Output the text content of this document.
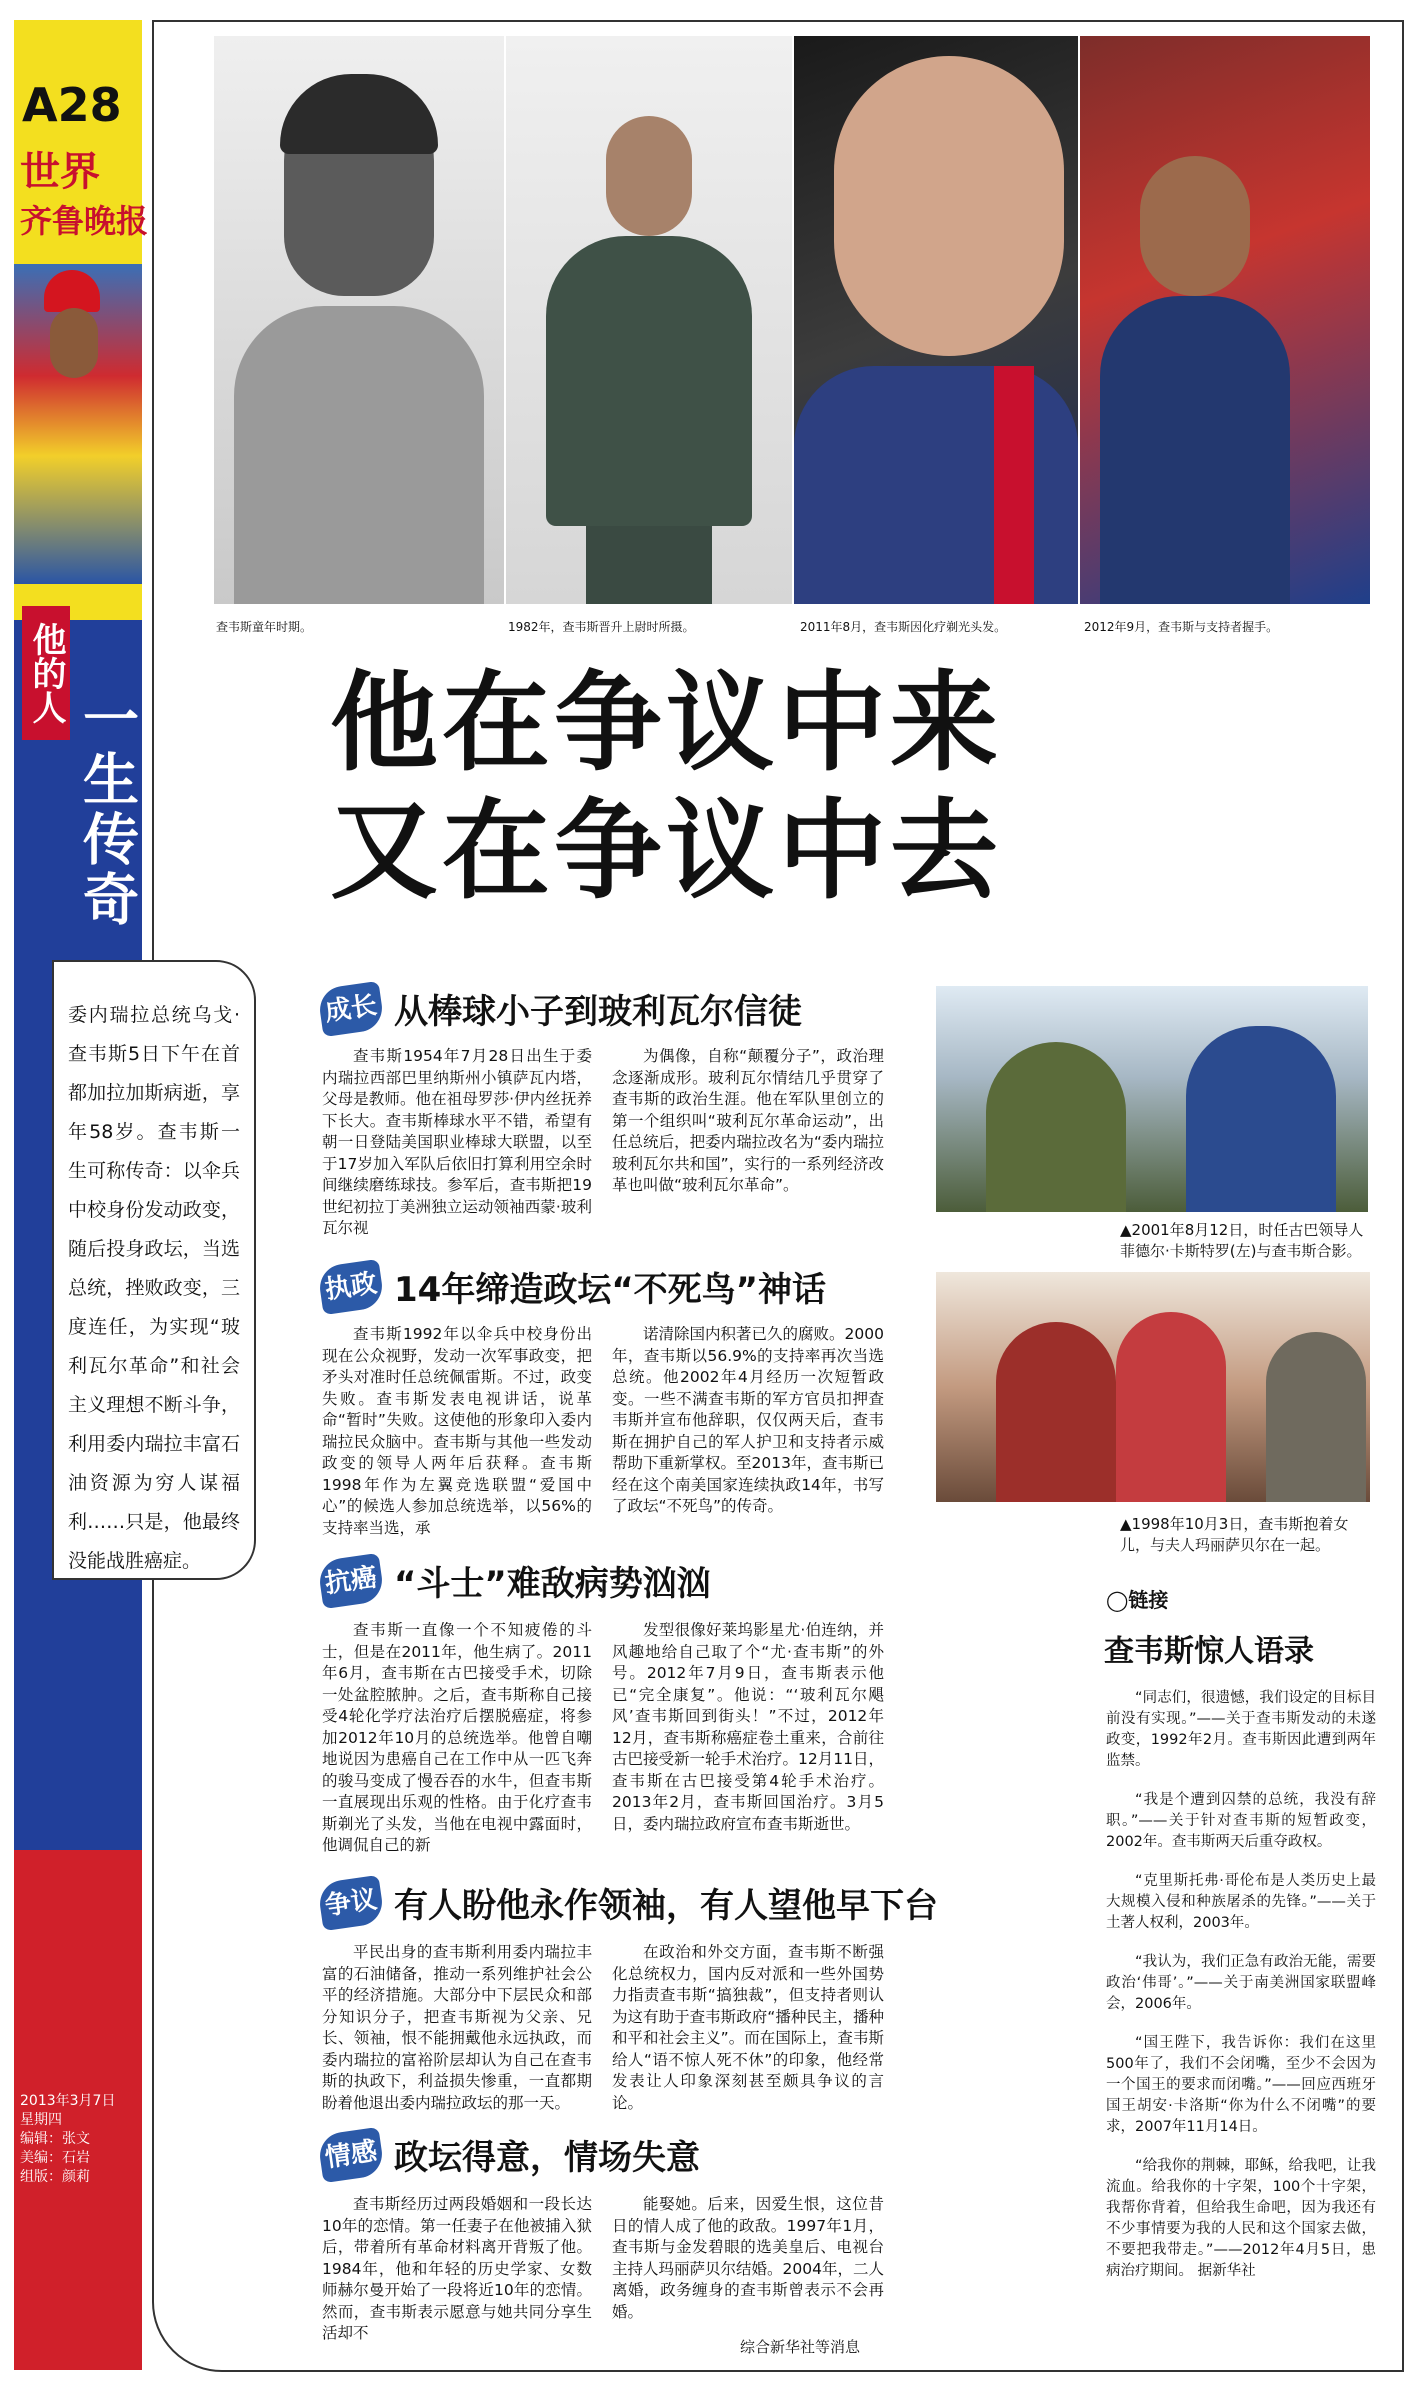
A28
世界
齐鲁晚报
他的人
一生传奇
委内瑞拉总统乌戈·查韦斯5日下午在首都加拉加斯病逝，享年58岁。查韦斯一生可称传奇：以伞兵中校身份发动政变，随后投身政坛，当选总统，挫败政变，三度连任，为实现“玻利瓦尔革命”和社会主义理想不断斗争，利用委内瑞拉丰富石油资源为穷人谋福利……只是，他最终没能战胜癌症。
2013年3月7日
星期四
编辑：张文
美编：石岩
组版：颜莉
查韦斯童年时期。	1982年，查韦斯晋升上尉时所摄。	2011年8月，查韦斯因化疗剃光头发。	2012年9月，查韦斯与支持者握手。
他在争议中来
又在争议中去
成长 从棒球小子到玻利瓦尔信徒
查韦斯1954年7月28日出生于委内瑞拉西部巴里纳斯州小镇萨瓦内塔，父母是教师。他在祖母罗莎·伊内丝抚养下长大。查韦斯棒球水平不错，希望有朝一日登陆美国职业棒球大联盟，以至于17岁加入军队后依旧打算利用空余时间继续磨练球技。参军后，查韦斯把19世纪初拉丁美洲独立运动领袖西蒙·玻利瓦尔视
为偶像，自称“颠覆分子”，政治理念逐渐成形。玻利瓦尔情结几乎贯穿了查韦斯的政治生涯。他在军队里创立的第一个组织叫“玻利瓦尔革命运动”，出任总统后，把委内瑞拉改名为“委内瑞拉玻利瓦尔共和国”，实行的一系列经济改革也叫做“玻利瓦尔革命”。
执政 14年缔造政坛“不死鸟”神话
查韦斯1992年以伞兵中校身份出现在公众视野，发动一次军事政变，把矛头对准时任总统佩雷斯。不过，政变失败。查韦斯发表电视讲话，说革命“暂时”失败。这使他的形象印入委内瑞拉民众脑中。查韦斯与其他一些发动政变的领导人两年后获释。查韦斯1998年作为左翼竞选联盟“爱国中心”的候选人参加总统选举，以56%的支持率当选，承
诺清除国内积著已久的腐败。2000年，查韦斯以56.9%的支持率再次当选总统。他2002年4月经历一次短暂政变。一些不满查韦斯的军方官员扣押查韦斯并宣布他辞职，仅仅两天后，查韦斯在拥护自己的军人护卫和支持者示威帮助下重新掌权。至2013年，查韦斯已经在这个南美国家连续执政14年，书写了政坛“不死鸟”的传奇。
抗癌 “斗士”难敌病势汹汹
查韦斯一直像一个不知疲倦的斗士，但是在2011年，他生病了。2011年6月，查韦斯在古巴接受手术，切除一处盆腔脓肿。之后，查韦斯称自己接受4轮化学疗法治疗后摆脱癌症，将参加2012年10月的总统选举。他曾自嘲地说因为患癌自己在工作中从一匹飞奔的骏马变成了慢吞吞的水牛，但查韦斯一直展现出乐观的性格。由于化疗查韦斯剃光了头发，当他在电视中露面时，他调侃自己的新
发型很像好莱坞影星尤·伯连纳，并风趣地给自己取了个“尤·查韦斯”的外号。2012年7月9日，查韦斯表示他已“完全康复”。他说：“‘玻利瓦尔飓风’查韦斯回到街头！”不过，2012年12月，查韦斯称癌症卷土重来，合前往古巴接受新一轮手术治疗。12月11日，查韦斯在古巴接受第4轮手术治疗。2013年2月，查韦斯回国治疗。3月5日，委内瑞拉政府宣布查韦斯逝世。
争议 有人盼他永作领袖，有人望他早下台
平民出身的查韦斯利用委内瑞拉丰富的石油储备，推动一系列维护社会公平的经济措施。大部分中下层民众和部分知识分子，把查韦斯视为父亲、兄长、领袖，恨不能拥戴他永远执政，而委内瑞拉的富裕阶层却认为自己在查韦斯的执政下，利益损失惨重，一直都期盼着他退出委内瑞拉政坛的那一天。
在政治和外交方面，查韦斯不断强化总统权力，国内反对派和一些外国势力指责查韦斯“搞独裁”，但支持者则认为这有助于查韦斯政府“播种民主，播种和平和社会主义”。而在国际上，查韦斯给人“语不惊人死不休”的印象，他经常发表让人印象深刻甚至颇具争议的言论。
情感 政坛得意，情场失意
查韦斯经历过两段婚姻和一段长达10年的恋情。第一任妻子在他被捕入狱后，带着所有革命材料离开背叛了他。1984年，他和年轻的历史学家、女数师赫尔曼开始了一段将近10年的恋情。然而，查韦斯表示愿意与她共同分享生活却不
能娶她。后来，因爱生恨，这位昔日的情人成了他的政敌。1997年1月，查韦斯与金发碧眼的选美皇后、电视台主持人玛丽萨贝尔结婚。2004年，二人离婚，政务缠身的查韦斯曾表示不会再婚。
综合新华社等消息
▲2001年8月12日，时任古巴领导人菲德尔·卡斯特罗(左)与查韦斯合影。
▲1998年10月3日，查韦斯抱着女儿，与夫人玛丽萨贝尔在一起。
◯链接
查韦斯惊人语录

“同志们，很遗憾，我们设定的目标目前没有实现。”——关于查韦斯发动的未遂政变，1992年2月。查韦斯因此遭到两年监禁。

“我是个遭到囚禁的总统，我没有辞职。”——关于针对查韦斯的短暂政变，2002年。查韦斯两天后重夺政权。

“克里斯托弗·哥伦布是人类历史上最大规模入侵和种族屠杀的先锋。”——关于土著人权利，2003年。

“我认为，我们正急有政治无能，需要政治‘伟哥’。”——关于南美洲国家联盟峰会，2006年。

“国王陛下，我告诉你：我们在这里500年了，我们不会闭嘴，至少不会因为一个国王的要求而闭嘴。”——回应西班牙国王胡安·卡洛斯“你为什么不闭嘴”的要求，2007年11月14日。

“给我你的荆棘，耶稣，给我吧，让我流血。给我你的十字架，100个十字架，我帮你背着，但给我生命吧，因为我还有不少事情要为我的人民和这个国家去做，不要把我带走。”——2012年4月5日，患病治疗期间。 据新华社
